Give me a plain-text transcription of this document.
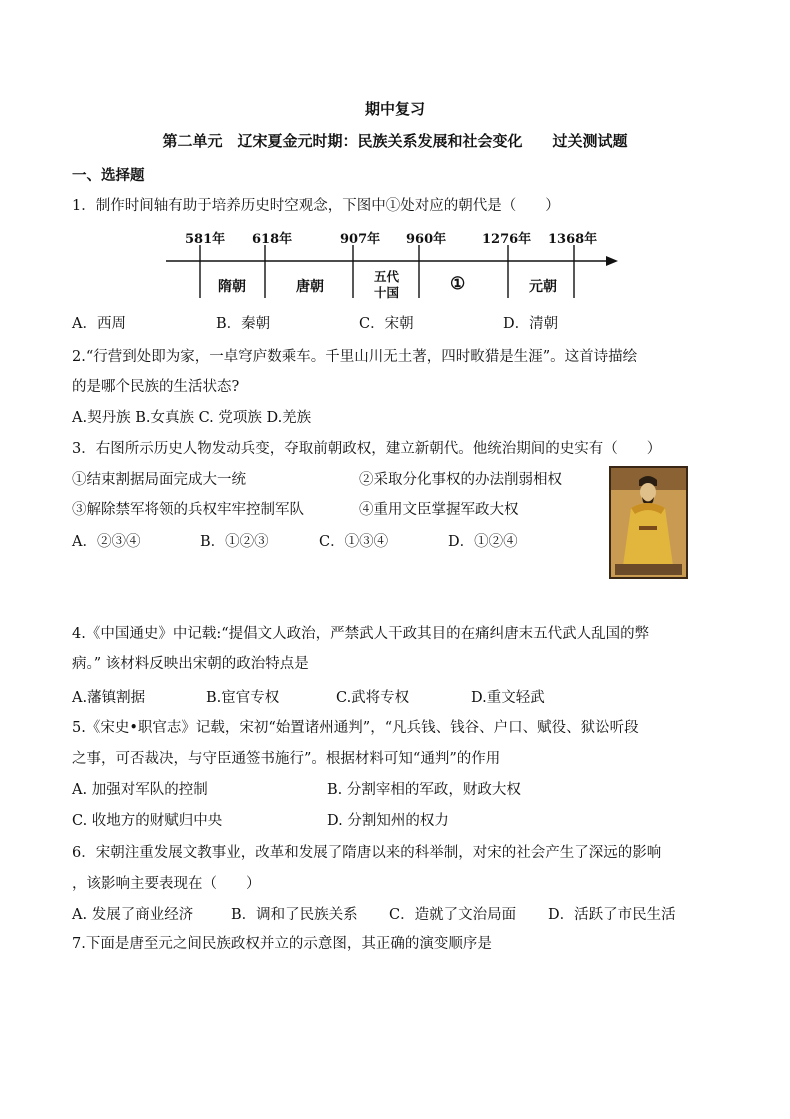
期中复习
第二单元　辽宋夏金元时期：民族关系发展和社会变化　　过关测试题
一、选择题
1．制作时间轴有助于培养历史时空观念，下图中①处对应的朝代是（　　）
581年 618年	907年 960年	1276年 1368年
隋朝	唐朝
五代
十国	①	元朝
A．西周	B．秦朝	C．宋朝	D．清朝
2.“行营到处即为家，一卓穹庐数乘车。千里山川无土著，四时畋猎是生涯”。这首诗描绘
的是哪个民族的生活状态?
A.契丹族 B.女真族 C. 党项族 D.羌族
3．右图所示历史人物发动兵变，夺取前朝政权，建立新朝代。他统治期间的史实有（　　）
①结束割据局面完成大一统	②采取分化事权的办法削弱相权
③解除禁军将领的兵权牢牢控制军队	④重用文臣掌握军政大权
A．②③④	B．①②③	C．①③④	D．①②④
4.《中国通史》中记载:“提倡文人政治，严禁武人干政其目的在痛纠唐末五代武人乱国的弊
病。” 该材料反映出宋朝的政治特点是
A.藩镇割据	B.宦官专权	C.武将专权	D.重文轻武
5.《宋史•职官志》记载，宋初“始置诸州通判”，“凡兵钱、钱谷、户口、赋役、狱讼听段
之事，可否裁决，与守臣通签书施行”。根据材料可知“通判”的作用
A. 加强对军队的控制	B. 分割宰相的军政，财政大权
C. 收地方的财赋归中央	D. 分割知州的权力
6．宋朝注重发展文教事业，改革和发展了隋唐以来的科举制，对宋的社会产生了深远的影响
，该影响主要表现在（　　）
A. 发展了商业经济	B．调和了民族关系 C．造就了文治局面 D．活跃了市民生活
7.下面是唐至元之间民族政权并立的示意图，其正确的演变顺序是
